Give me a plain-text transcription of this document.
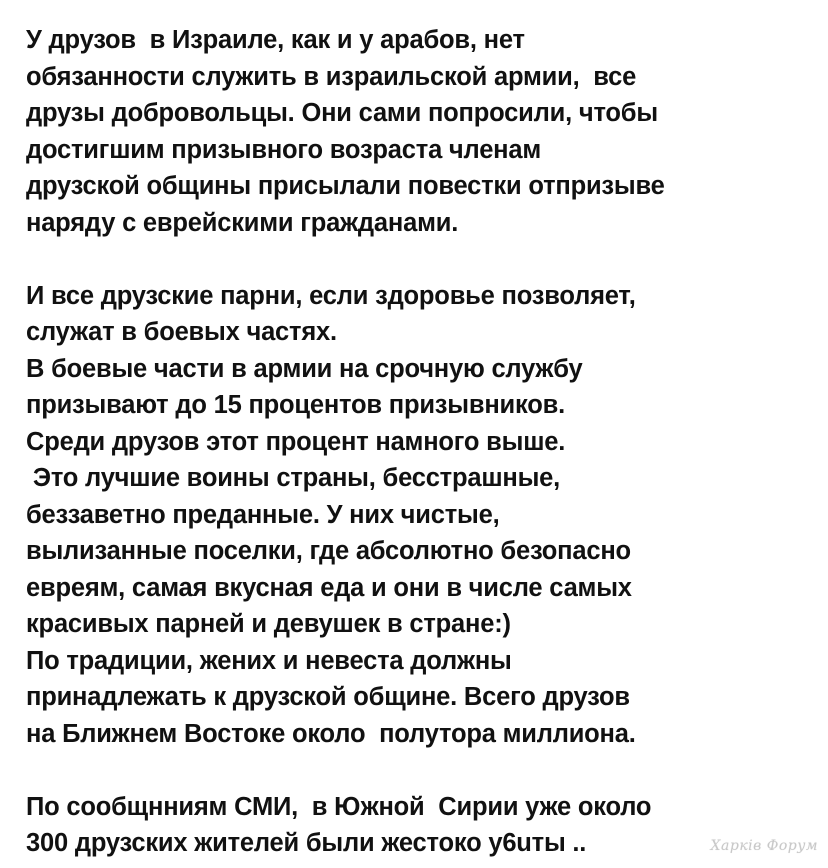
У друзов  в Израиле, как и у арабов, нет
обязанности служить в израильской армии,  все
друзы добровольцы. Они сами попросили, чтобы
достигшим призывного возраста членам
друзской общины присылали повестки отпризыве
наряду с еврейскими гражданами.
И все друзские парни, если здоровье позволяет,
служат в боевых частях.
В боевые части в армии на срочную службу
призывают до 15 процентов призывников.
Среди друзов этот процент намного выше.
Это лучшие воины страны, бесстрашные,
беззаветно преданные. У них чистые,
вылизанные поселки, где абсолютно безопасно
евреям, самая вкусная еда и они в числе самых
красивых парней и девушек в стране:)
По традиции, жених и невеста должны
принадлежать к друзской общине. Всего друзов
на Ближнем Востоке около  полутора миллиона.
По сообщнниям СМИ,  в Южной  Сирии уже около
300 друзских жителей были жестоко у6uты ..	Харків Форум
